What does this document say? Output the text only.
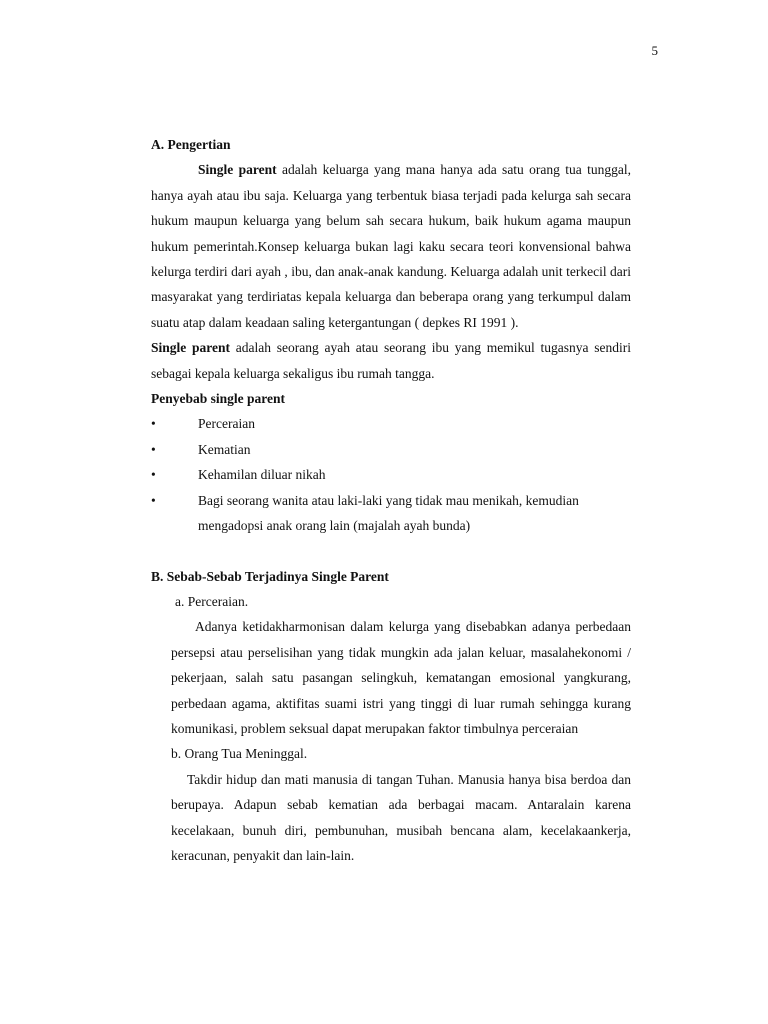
5

A. Pengertian

Single parent adalah keluarga yang mana hanya ada satu orang tua tunggal, hanya ayah atau ibu saja. Keluarga yang terbentuk biasa terjadi pada kelurga sah secara hukum maupun keluarga yang belum sah secara hukum, baik hukum agama maupun hukum pemerintah.Konsep keluarga bukan lagi kaku secara teori konvensional bahwa kelurga terdiri dari ayah , ibu, dan anak-anak kandung. Keluarga adalah unit terkecil dari masyarakat yang terdiriatas kepala keluarga dan beberapa orang yang terkumpul dalam suatu atap dalam keadaan saling ketergantungan ( depkes RI 1991 ).

Single parent adalah seorang ayah atau seorang ibu yang memikul tugasnya sendiri sebagai kepala keluarga sekaligus ibu rumah tangga.

Penyebab single parent

•	Perceraian
•	Kematian
•	Kehamilan diluar nikah
•	Bagi seorang wanita atau laki-laki yang tidak mau menikah, kemudian mengadopsi anak orang lain (majalah ayah bunda)

B. Sebab-Sebab Terjadinya Single Parent

a. Perceraian.

Adanya ketidakharmonisan dalam kelurga yang disebabkan adanya perbedaan persepsi atau perselisihan yang tidak mungkin ada jalan keluar, masalahekonomi / pekerjaan, salah satu pasangan selingkuh, kematangan emosional yangkurang, perbedaan agama, aktifitas suami istri yang tinggi di luar rumah sehingga kurang komunikasi, problem seksual dapat merupakan faktor timbulnya perceraian

b. Orang Tua Meninggal.

Takdir hidup dan mati manusia di tangan Tuhan. Manusia hanya bisa berdoa dan berupaya. Adapun sebab kematian ada berbagai macam. Antaralain karena kecelakaan, bunuh diri, pembunuhan, musibah bencana alam, kecelakaankerja, keracunan, penyakit dan lain-lain.
